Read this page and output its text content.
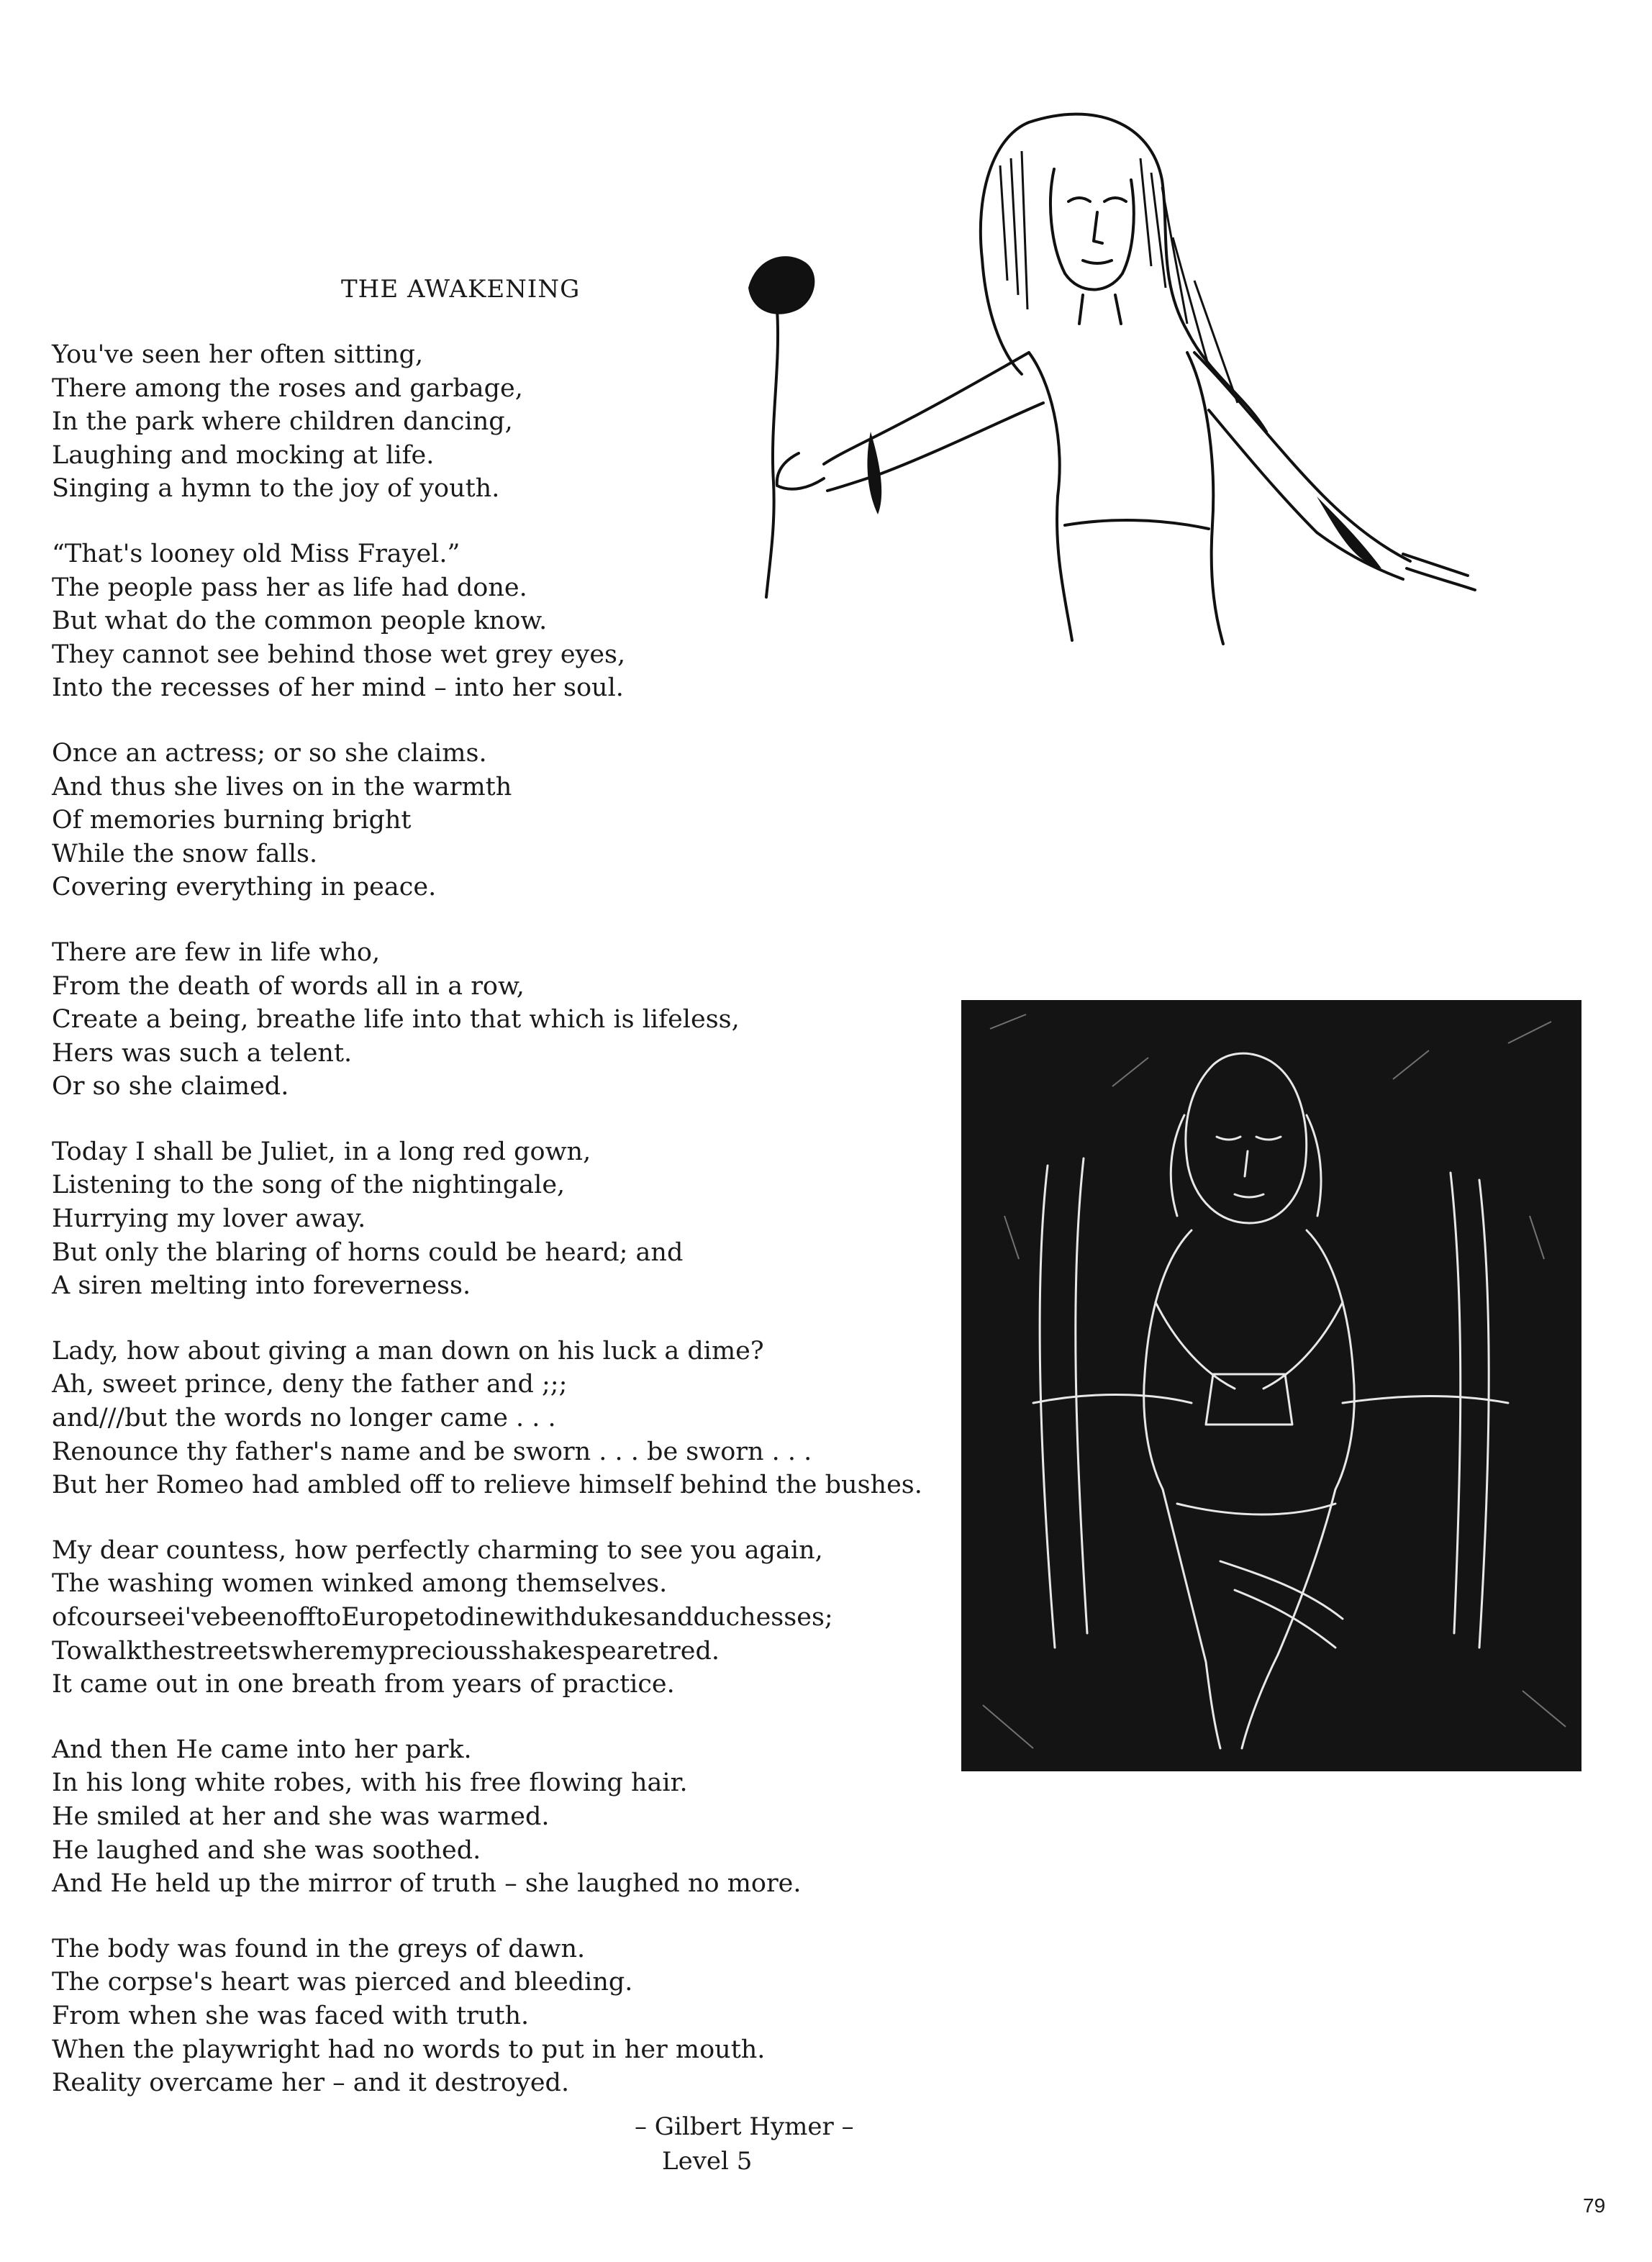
THE AWAKENING
You've seen her often sitting,
There among the roses and garbage,
In the park where children dancing,
Laughing and mocking at life.
Singing a hymn to the joy of youth.
“That's looney old Miss Frayel.”
The people pass her as life had done.
But what do the common people know.
They cannot see behind those wet grey eyes,
Into the recesses of her mind – into her soul.
Once an actress; or so she claims.
And thus she lives on in the warmth
Of memories burning bright
While the snow falls.
Covering everything in peace.
There are few in life who,
From the death of words all in a row,
Create a being, breathe life into that which is lifeless,
Hers was such a telent.
Or so she claimed.
Today I shall be Juliet, in a long red gown,
Listening to the song of the nightingale,
Hurrying my lover away.
But only the blaring of horns could be heard; and
A siren melting into foreverness.
Lady, how about giving a man down on his luck a dime?
Ah, sweet prince, deny the father and ;;;
and///but the words no longer came . . .
Renounce thy father's name and be sworn . . . be sworn . . .
But her Romeo had ambled off to relieve himself behind the bushes.
My dear countess, how perfectly charming to see you again,
The washing women winked among themselves.
ofcourseei'vebeenofftoEuropetodinewithdukesandduchesses;
Towalkthestreetswheremypreciousshakespearetred.
It came out in one breath from years of practice.
And then He came into her park.
In his long white robes, with his free flowing hair.
He smiled at her and she was warmed.
He laughed and she was soothed.
And He held up the mirror of truth – she laughed no more.
The body was found in the greys of dawn.
The corpse's heart was pierced and bleeding.
From when she was faced with truth.
When the playwright had no words to put in her mouth.
Reality overcame her – and it destroyed.
– Gilbert Hymer –
Level 5
79
